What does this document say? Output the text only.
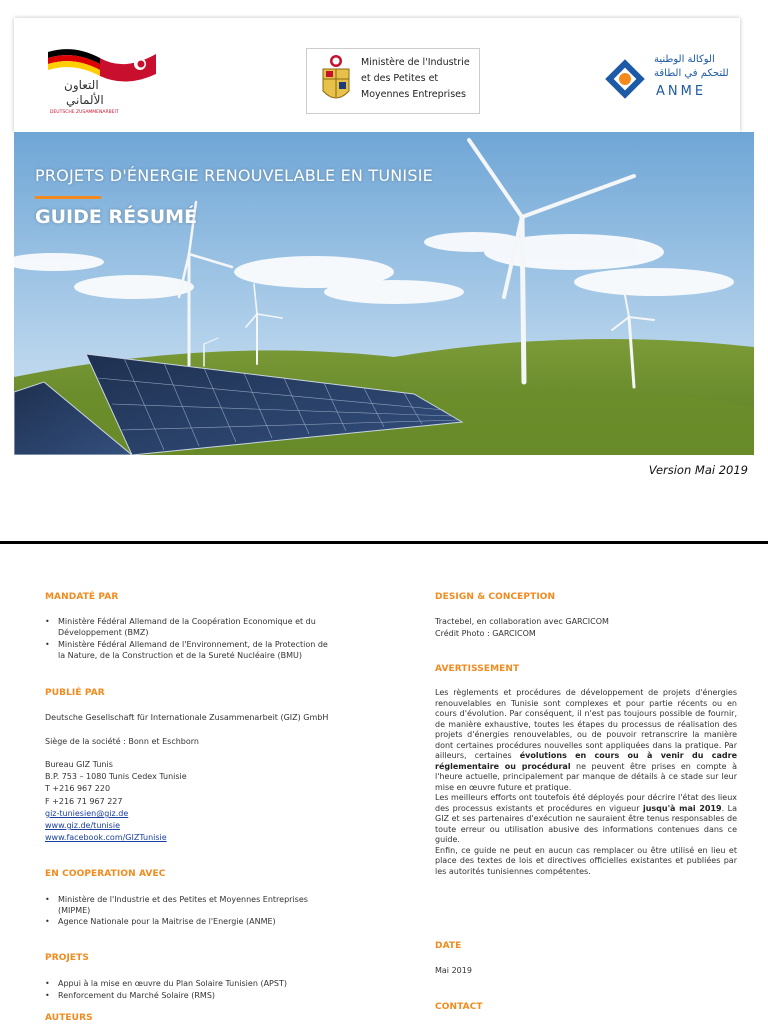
التعاون
الألماني
DEUTSCHE ZUSAMMENARBEIT
Ministère de l'Industrie
et des Petites et
Moyennes Entreprises
الوكالة الوطنية
للتحكم في الطاقة
ANME
PROJETS D'ÉNERGIE RENOUVELABLE EN TUNISIE
GUIDE RÉSUMÉ
Version Mai 2019
MANDATÉ PAR
• Ministère Fédéral Allemand de la Coopération Economique et du
Développement (BMZ)
• Ministère Fédéral Allemand de l'Environnement, de la Protection de
la Nature, de la Construction et de la Sureté Nucléaire (BMU)
PUBLIÉ PAR
Deutsche Gesellschaft für Internationale Zusammenarbeit (GIZ) GmbH
Siège de la société : Bonn et Eschborn
Bureau GIZ Tunis
B.P. 753 – 1080 Tunis Cedex Tunisie
T +216 967 220
F +216 71 967 227
giz-tuniesien@giz.de
www.giz.de/tunisie
www.facebook.com/GIZTunisie
EN COOPERATION AVEC
• Ministère de l'Industrie et des Petites et Moyennes Entreprises
(MIPME)
• Agence Nationale pour la Maitrise de l'Energie (ANME)
PROJETS
• Appui à la mise en œuvre du Plan Solaire Tunisien (APST)
• Renforcement du Marché Solaire (RMS)
AUTEURS
DESIGN & CONCEPTION
Tractebel, en collaboration avec GARCICOM
Crédit Photo : GARCICOM
AVERTISSEMENT
Les règlements et procédures de développement de projets d'énergies renouvelables en Tunisie sont complexes et pour partie récents ou en cours d'évolution. Par conséquent, il n'est pas toujours possible de fournir, de manière exhaustive, toutes les étapes du processus de réalisation des projets d'énergies renouvelables, ou de pouvoir retranscrire la manière dont certaines procédures nouvelles sont appliquées dans la pratique. Par ailleurs, certaines évolutions en cours ou à venir du cadre réglementaire ou procédural ne peuvent être prises en compte à l'heure actuelle, principalement par manque de détails à ce stade sur leur mise en œuvre future et pratique.
Les meilleurs efforts ont toutefois été déployés pour décrire l'état des lieux des processus existants et procédures en vigueur jusqu'à mai 2019. La GIZ et ses partenaires d'exécution ne sauraient être tenus responsables de toute erreur ou utilisation abusive des informations contenues dans ce guide.
Enfin, ce guide ne peut en aucun cas remplacer ou être utilisé en lieu et place des textes de lois et directives officielles existantes et publiées par les autorités tunisiennes compétentes.
DATE
Mai 2019
CONTACT
